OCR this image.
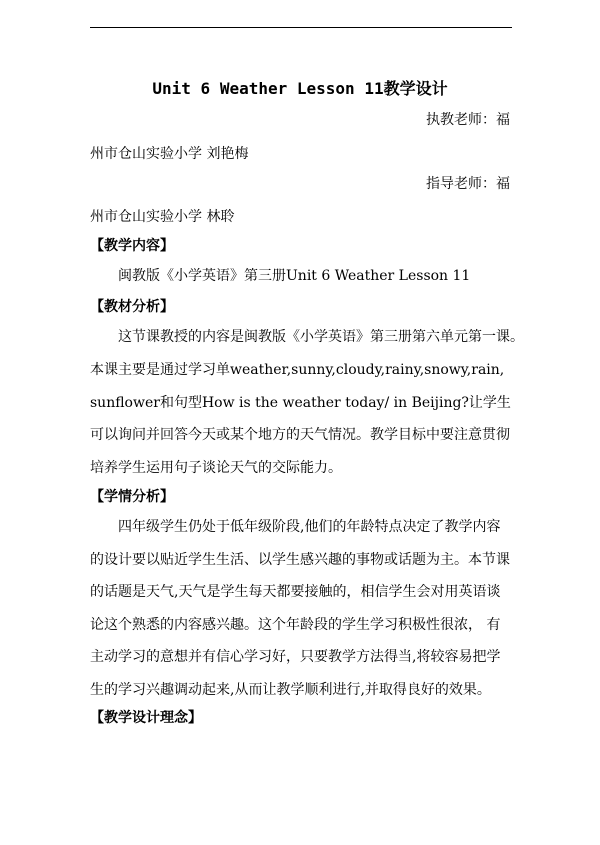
Unit 6 Weather Lesson 11教学设计
执教老师：福
州市仓山实验小学 刘艳梅
指导老师：福
州市仓山实验小学 林聆
【教学内容】
闽教版《小学英语》第三册Unit 6 Weather Lesson 11
【教材分析】
这节课教授的内容是闽教版《小学英语》第三册第六单元第一课。
本课主要是通过学习单weather,sunny,cloudy,rainy,snowy,rain,
sunflower和句型How is the weather today/ in Beijing?让学生
可以询问并回答今天或某个地方的天气情况。教学目标中要注意贯彻
培养学生运用句子谈论天气的交际能力。
【学情分析】
四年级学生仍处于低年级阶段,他们的年龄特点决定了教学内容
的设计要以贴近学生生活、以学生感兴趣的事物或话题为主。本节课
的话题是天气,天气是学生每天都要接触的，相信学生会对用英语谈
论这个熟悉的内容感兴趣。这个年龄段的学生学习积极性很浓， 有
主动学习的意想并有信心学习好，只要教学方法得当,将较容易把学
生的学习兴趣调动起来,从而让教学顺利进行,并取得良好的效果。
【教学设计理念】
